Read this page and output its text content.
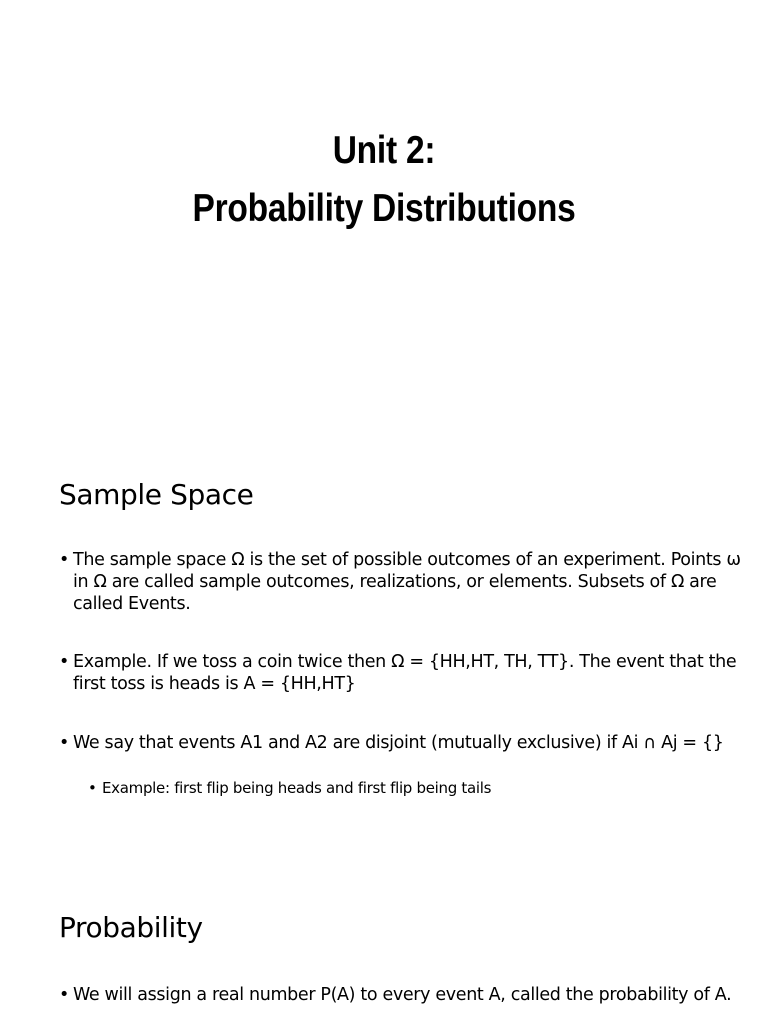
Unit 2:
Probability Distributions
Sample Space
• The sample space Ω is the set of possible outcomes of an experiment. Points ω in Ω are called sample outcomes, realizations, or elements. Subsets of Ω are called Events.
• Example. If we toss a coin twice then Ω = {HH,HT, TH, TT}. The event that the first toss is heads is A = {HH,HT}
• We say that events A1 and A2 are disjoint (mutually exclusive) if Ai ∩ Aj = {}
• Example: first flip being heads and first flip being tails
Probability
• We will assign a real number P(A) to every event A, called the probability of A.
